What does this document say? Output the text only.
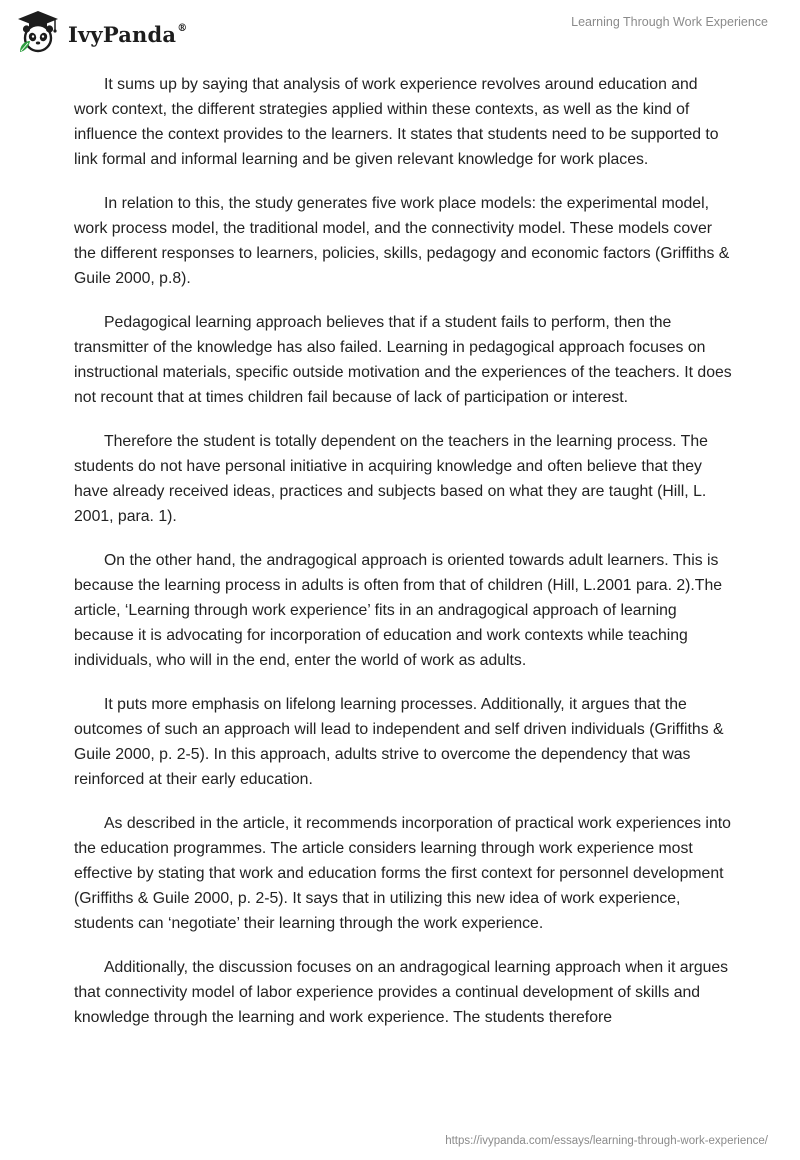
IvyPanda®	Learning Through Work Experience

It sums up by saying that analysis of work experience revolves around education and work context, the different strategies applied within these contexts, as well as the kind of influence the context provides to the learners. It states that students need to be supported to link formal and informal learning and be given relevant knowledge for work places.

In relation to this, the study generates five work place models: the experimental model, work process model, the traditional model, and the connectivity model. These models cover the different responses to learners, policies, skills, pedagogy and economic factors (Griffiths & Guile 2000, p.8).

Pedagogical learning approach believes that if a student fails to perform, then the transmitter of the knowledge has also failed. Learning in pedagogical approach focuses on instructional materials, specific outside motivation and the experiences of the teachers. It does not recount that at times children fail because of lack of participation or interest.

Therefore the student is totally dependent on the teachers in the learning process. The students do not have personal initiative in acquiring knowledge and often believe that they have already received ideas, practices and subjects based on what they are taught (Hill, L. 2001, para. 1).

On the other hand, the andragogical approach is oriented towards adult learners. This is because the learning process in adults is often from that of children (Hill, L.2001 para. 2).The article, ‘Learning through work experience’ fits in an andragogical approach of learning because it is advocating for incorporation of education and work contexts while teaching individuals, who will in the end, enter the world of work as adults.

It puts more emphasis on lifelong learning processes. Additionally, it argues that the outcomes of such an approach will lead to independent and self driven individuals (Griffiths & Guile 2000, p. 2-5). In this approach, adults strive to overcome the dependency that was reinforced at their early education.

As described in the article, it recommends incorporation of practical work experiences into the education programmes. The article considers learning through work experience most effective by stating that work and education forms the first context for personnel development (Griffiths & Guile 2000, p. 2-5). It says that in utilizing this new idea of work experience, students can ‘negotiate’ their learning through the work experience.

Additionally, the discussion focuses on an andragogical learning approach when it argues that connectivity model of labor experience provides a continual development of skills and knowledge through the learning and work experience. The students therefore

https://ivypanda.com/essays/learning-through-work-experience/
